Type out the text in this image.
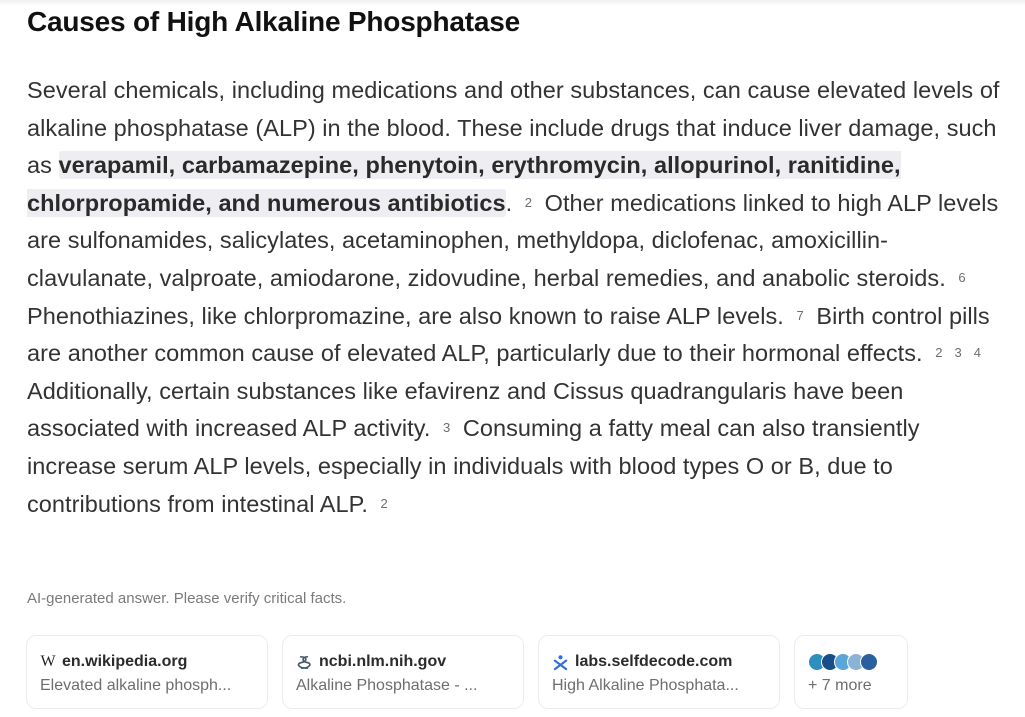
Causes of High Alkaline Phosphatase

Several chemicals, including medications and other substances, can cause elevated levels of alkaline phosphatase (ALP) in the blood. These include drugs that induce liver damage, such as verapamil, carbamazepine, phenytoin, erythromycin, allopurinol, ranitidine, chlorpropamide, and numerous antibiotics. 2 Other medications linked to high ALP levels are sulfonamides, salicylates, acetaminophen, methyldopa, diclofenac, amoxicillin-clavulanate, valproate, amiodarone, zidovudine, herbal remedies, and anabolic steroids. 6 Phenothiazines, like chlorpromazine, are also known to raise ALP levels. 7 Birth control pills are another common cause of elevated ALP, particularly due to their hormonal effects. 2 3 4 Additionally, certain substances like efavirenz and Cissus quadrangularis have been associated with increased ALP activity. 3 Consuming a fatty meal can also transiently increase serum ALP levels, especially in individuals with blood types O or B, due to contributions from intestinal ALP. 2

AI-generated answer. Please verify critical facts.

W en.wikipedia.org
Elevated alkaline phosph...
ncbi.nlm.nih.gov
Alkaline Phosphatase - ...
labs.selfdecode.com
High Alkaline Phosphata...	+ 7 more
